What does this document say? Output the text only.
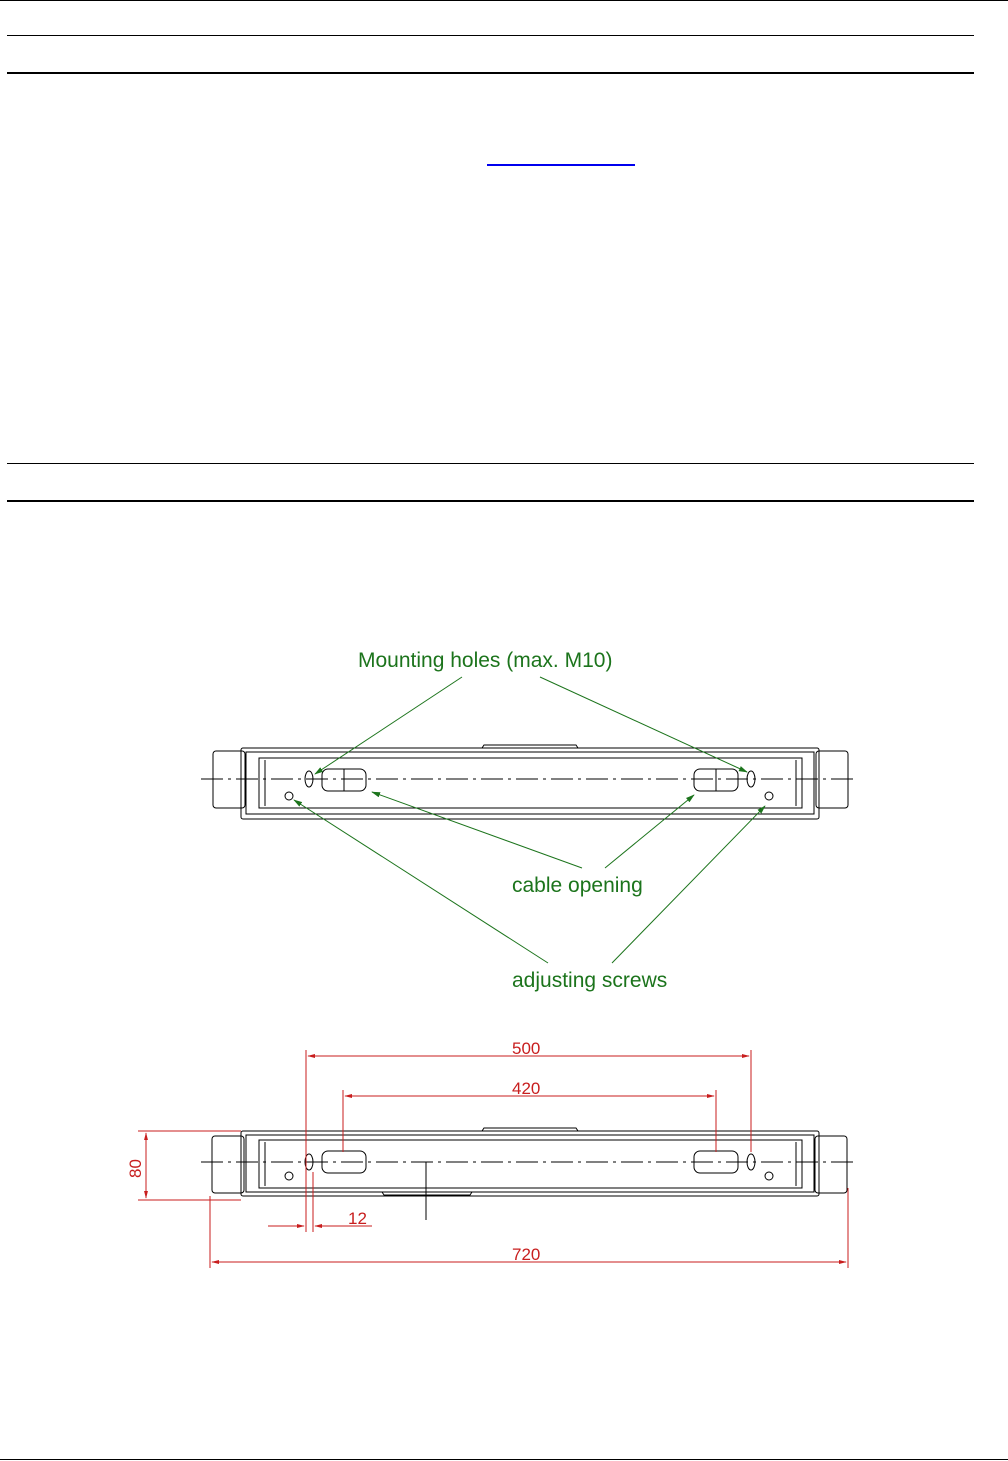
Mounting holes (max. M10)
cable opening
adjusting screws
500
420
12
720
80
